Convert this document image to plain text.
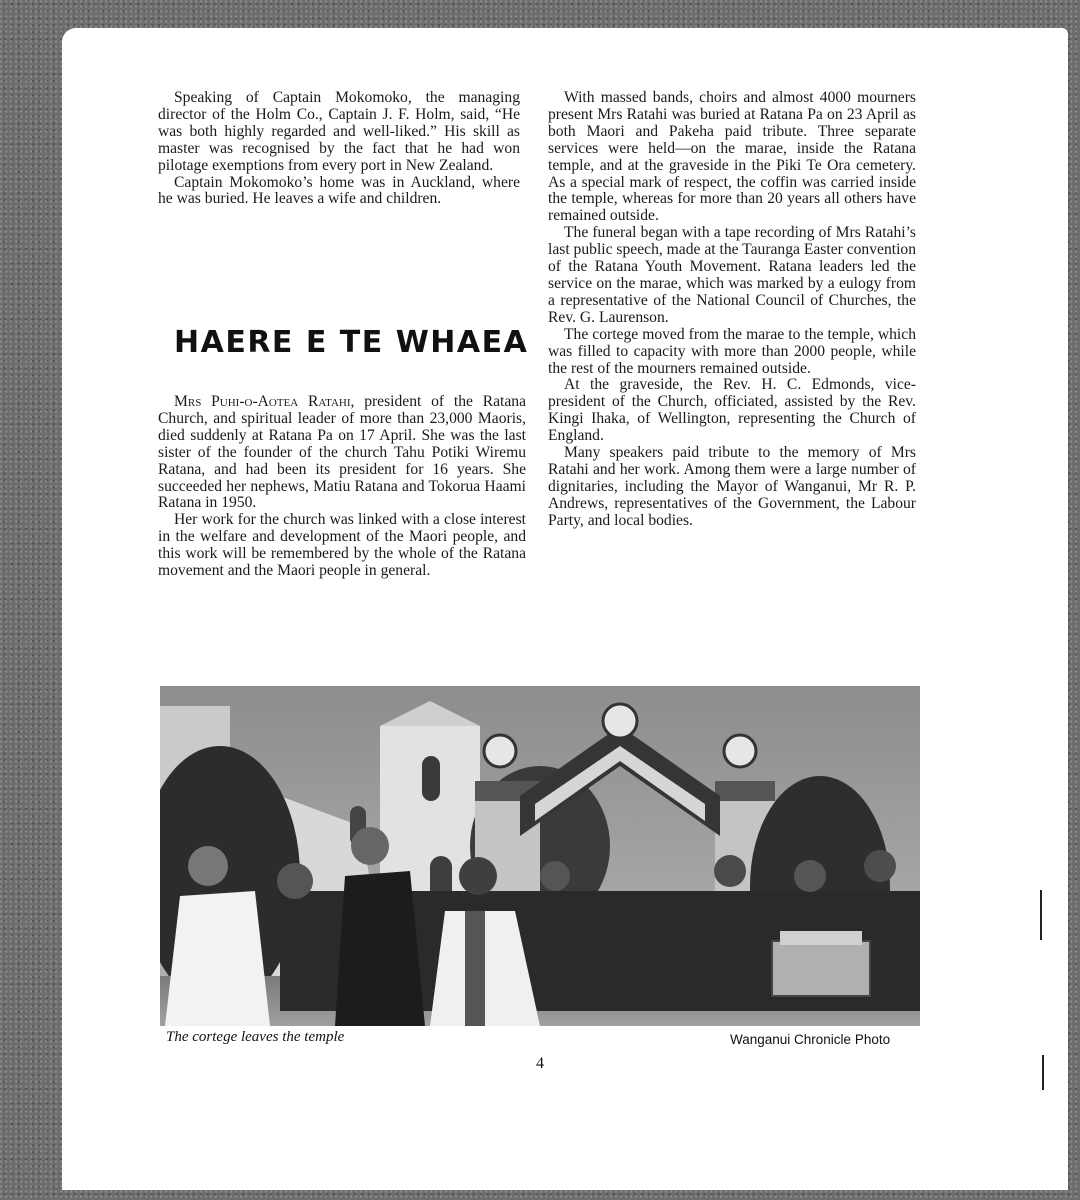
Speaking of Captain Mokomoko, the managing director of the Holm Co., Captain J. F. Holm, said, “He was both highly regarded and well-liked.” His skill as master was recognised by the fact that he had won pilotage exemptions from every port in New Zealand.

Captain Mokomoko’s home was in Auckland, where he was buried. He leaves a wife and children.

HAERE E TE WHAEA

Mrs Puhi-o-Aotea Ratahi, president of the Ratana Church, and spiritual leader of more than 23,000 Maoris, died suddenly at Ratana Pa on 17 April. She was the last sister of the founder of the church Tahu Potiki Wiremu Ratana, and had been its president for 16 years. She succeeded her nephews, Matiu Ratana and Tokorua Haami Ratana in 1950.

Her work for the church was linked with a close interest in the welfare and development of the Maori people, and this work will be remembered by the whole of the Ratana movement and the Maori people in general.

With massed bands, choirs and almost 4000 mourners present Mrs Ratahi was buried at Ratana Pa on 23 April as both Maori and Pakeha paid tribute. Three separate services were held—on the marae, inside the Ratana temple, and at the graveside in the Piki Te Ora cemetery. As a special mark of respect, the coffin was carried inside the temple, whereas for more than 20 years all others have remained outside.

The funeral began with a tape recording of Mrs Ratahi’s last public speech, made at the Tauranga Easter convention of the Ratana Youth Movement. Ratana leaders led the service on the marae, which was marked by a eulogy from a representative of the National Council of Churches, the Rev. G. Laurenson.

The cortege moved from the marae to the temple, which was filled to capacity with more than 2000 people, while the rest of the mourners remained outside.

At the graveside, the Rev. H. C. Edmonds, vice-president of the Church, officiated, assisted by the Rev. Kingi Ihaka, of Wellington, representing the Church of England.

Many speakers paid tribute to the memory of Mrs Ratahi and her work. Among them were a large number of dignitaries, including the Mayor of Wanganui, Mr R. P. Andrews, representatives of the Government, the Labour Party, and local bodies.

The cortege leaves the temple	Wanganui Chronicle Photo

4
